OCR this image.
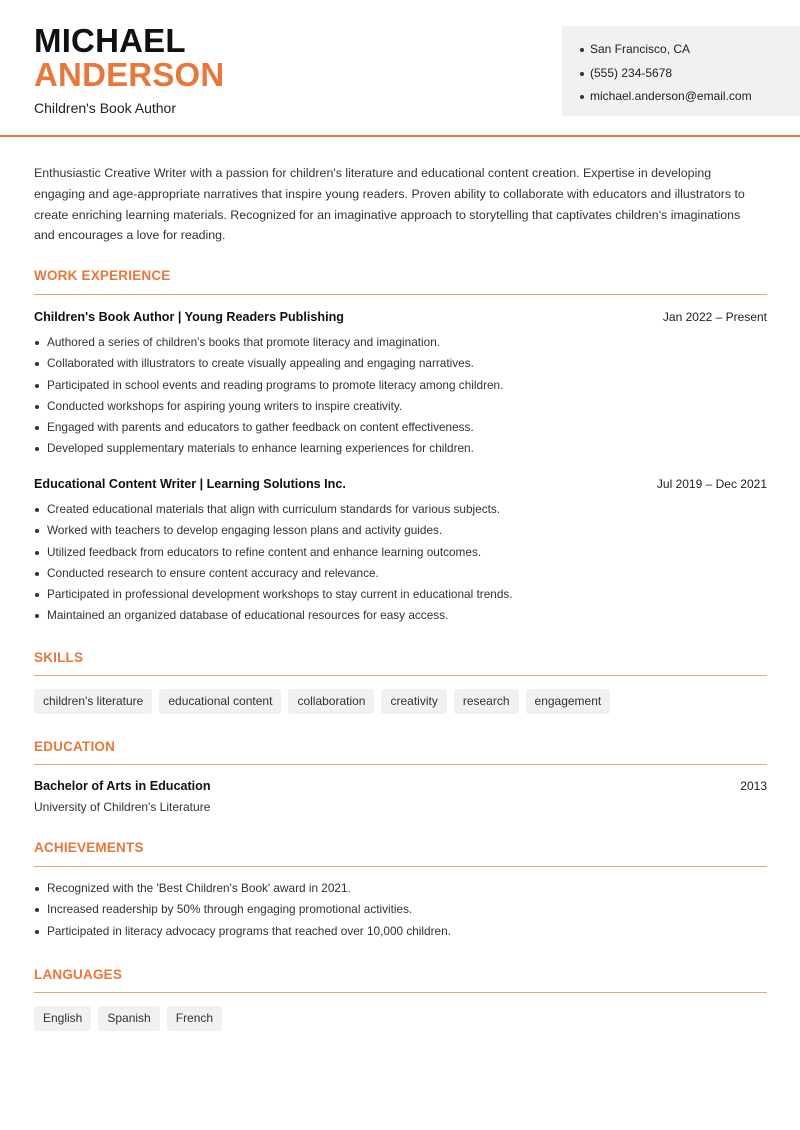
MICHAEL
ANDERSON
Children's Book Author
San Francisco, CA
(555) 234-5678
michael.anderson@email.com

Enthusiastic Creative Writer with a passion for children's literature and educational content creation. Expertise in developing engaging and age-appropriate narratives that inspire young readers. Proven ability to collaborate with educators and illustrators to create enriching learning materials. Recognized for an imaginative approach to storytelling that captivates children's imaginations and encourages a love for reading.

WORK EXPERIENCE
Children's Book Author | Young Readers Publishing	Jan 2022 – Present
Authored a series of children's books that promote literacy and imagination.
Collaborated with illustrators to create visually appealing and engaging narratives.
Participated in school events and reading programs to promote literacy among children.
Conducted workshops for aspiring young writers to inspire creativity.
Engaged with parents and educators to gather feedback on content effectiveness.
Developed supplementary materials to enhance learning experiences for children.
Educational Content Writer | Learning Solutions Inc.	Jul 2019 – Dec 2021
Created educational materials that align with curriculum standards for various subjects.
Worked with teachers to develop engaging lesson plans and activity guides.
Utilized feedback from educators to refine content and enhance learning outcomes.
Conducted research to ensure content accuracy and relevance.
Participated in professional development workshops to stay current in educational trends.
Maintained an organized database of educational resources for easy access.
SKILLS
children's literature	educational content	collaboration	creativity	research	engagement
EDUCATION
Bachelor of Arts in Education	2013
University of Children's Literature
ACHIEVEMENTS
Recognized with the 'Best Children's Book' award in 2021.
Increased readership by 50% through engaging promotional activities.
Participated in literacy advocacy programs that reached over 10,000 children.
LANGUAGES
English	Spanish	French
